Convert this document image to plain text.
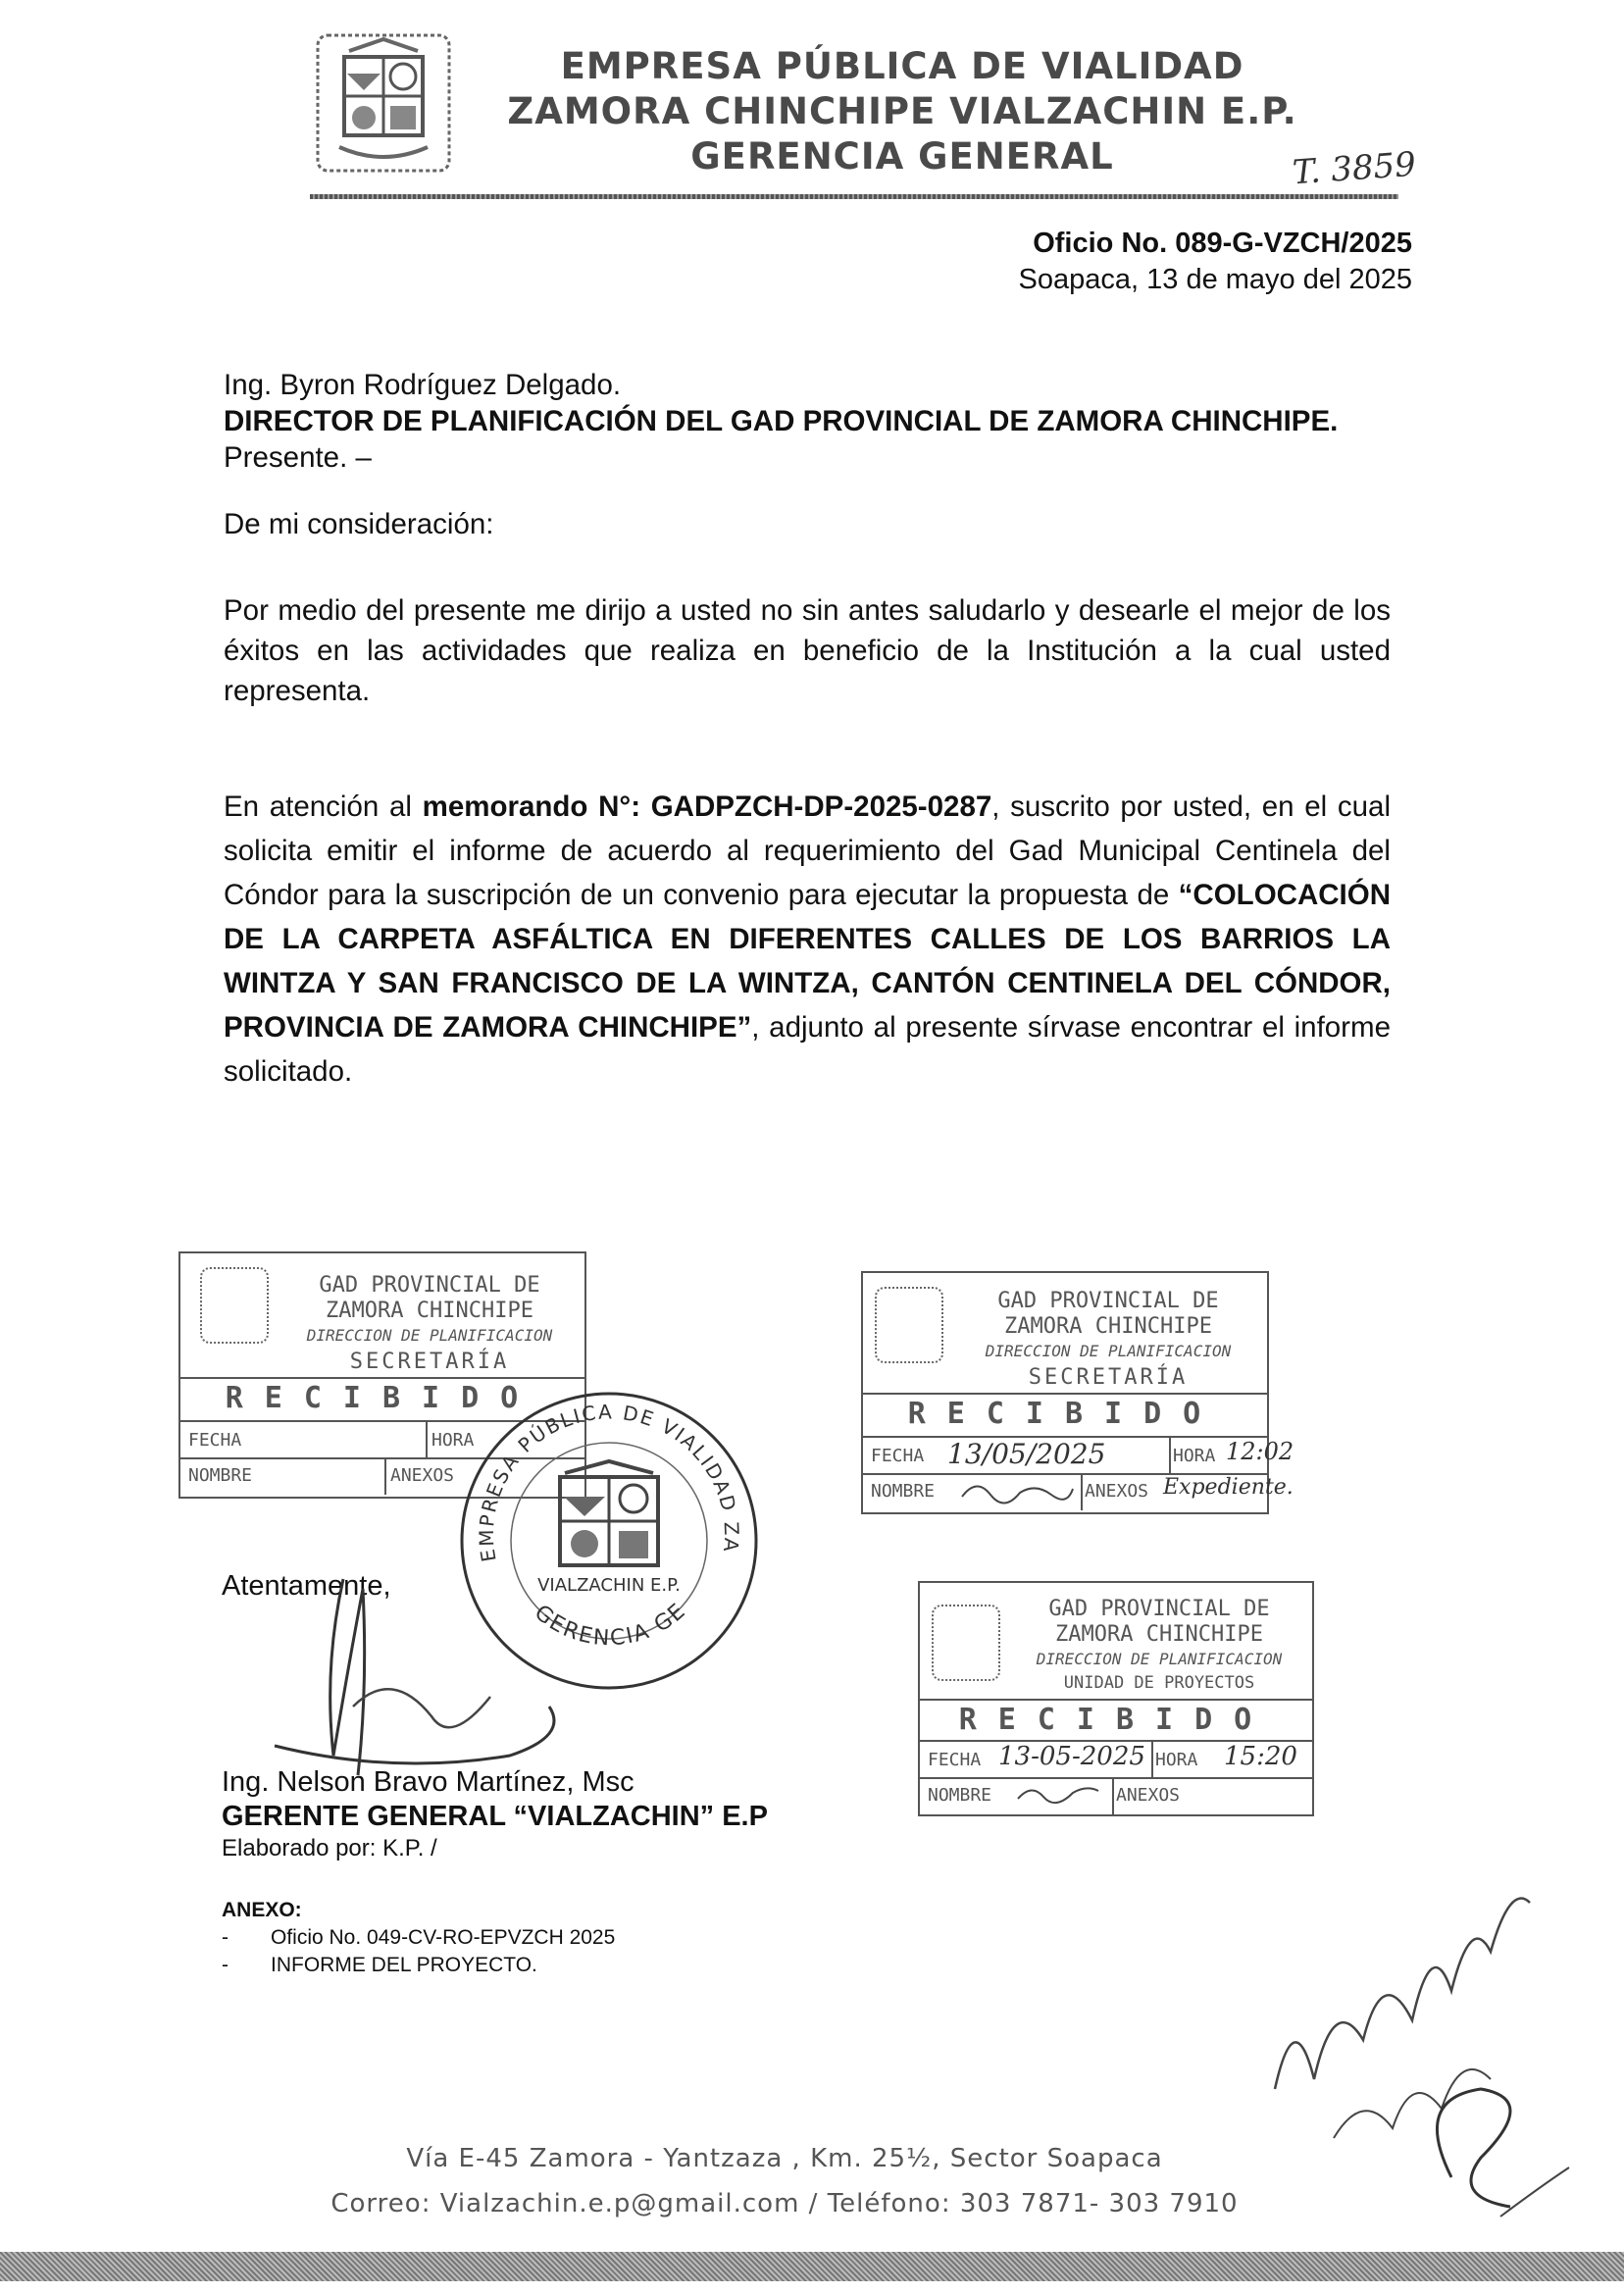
EMPRESA PÚBLICA DE VIALIDAD
ZAMORA CHINCHIPE VIALZACHIN E.P.
GERENCIA GENERAL	T. 3859
Oficio No. 089-G-VZCH/2025
Soapaca, 13 de mayo del 2025
Ing. Byron Rodríguez Delgado.
DIRECTOR DE PLANIFICACIÓN DEL GAD PROVINCIAL DE ZAMORA CHINCHIPE.
Presente. –
De mi consideración:
Por medio del presente me dirijo a usted no sin antes saludarlo y desearle el mejor de los éxitos en las actividades que realiza en beneficio de la Institución a la cual usted representa.
En atención al memorando N°: GADPZCH-DP-2025-0287, suscrito por usted, en el cual solicita emitir el informe de acuerdo al requerimiento del Gad Municipal Centinela del Cóndor para la suscripción de un convenio para ejecutar la propuesta de “COLOCACIÓN DE LA CARPETA ASFÁLTICA EN DIFERENTES CALLES DE LOS BARRIOS LA WINTZA Y SAN FRANCISCO DE LA WINTZA, CANTÓN CENTINELA DEL CÓNDOR, PROVINCIA DE ZAMORA CHINCHIPE”, adjunto al presente sírvase encontrar el informe solicitado.
GAD PROVINCIAL DE
ZAMORA CHINCHIPE
DIRECCION DE PLANIFICACION
SECRETARÍA
RECIBIDO
FECHA	HORA
NOMBRE	ANEXOS
GAD PROVINCIAL DE
ZAMORA CHINCHIPE
DIRECCION DE PLANIFICACION
SECRETARÍA
RECIBIDO
FECHA 13/05/2025	HORA 12:02
NOMBRE	ANEXOS Expediente.
EMPRESA PÚBLICA DE VIALIDAD ZA
GERENCIA GE
VIALZACHIN E.P.
GAD PROVINCIAL DE
ZAMORA CHINCHIPE
DIRECCION DE PLANIFICACION
UNIDAD DE PROYECTOS
RECIBIDO
FECHA 13-05-2025 HORA 15:20
NOMBRE	ANEXOS
Atentamente,
Ing. Nelson Bravo Martínez, Msc
GERENTE GENERAL “VIALZACHIN” E.P
Elaborado por: K.P. /
ANEXO:
- Oficio No. 049-CV-RO-EPVZCH 2025
- INFORME DEL PROYECTO.
Vía E-45 Zamora - Yantzaza , Km. 25½, Sector Soapaca
Correo: Vialzachin.e.p@gmail.com / Teléfono: 303 7871- 303 7910
